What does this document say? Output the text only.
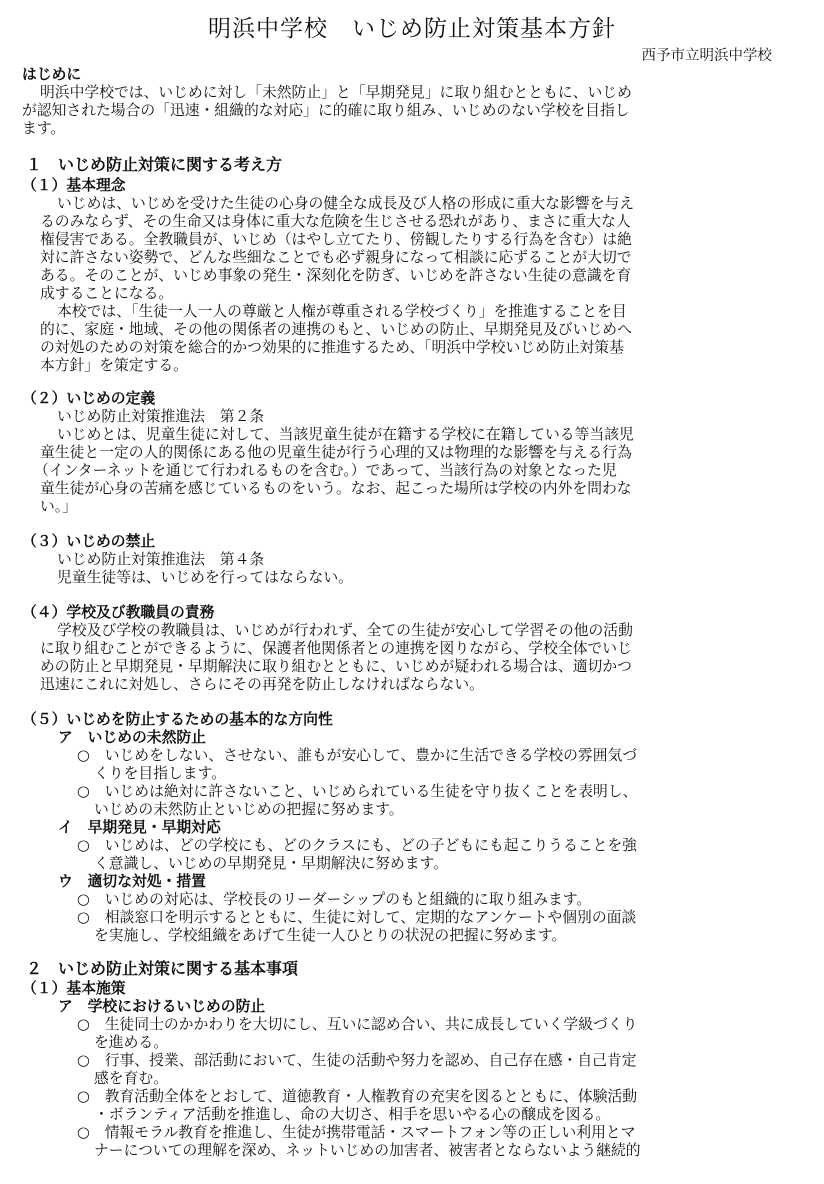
明浜中学校　いじめ防止対策基本方針
西予市立明浜中学校
はじめに
明浜中学校では、いじめに対し「未然防止」と「早期発見」に取り組むとともに、いじめ
が認知された場合の「迅速・組織的な対応」に的確に取り組み、いじめのない学校を目指し
ます。
１　いじめ防止対策に関する考え方
（１）基本理念
いじめは、いじめを受けた生徒の心身の健全な成長及び人格の形成に重大な影響を与え
るのみならず、その生命又は身体に重大な危険を生じさせる恐れがあり、まさに重大な人
権侵害である。全教職員が、いじめ（はやし立てたり、傍観したりする行為を含む）は絶
対に許さない姿勢で、どんな些細なことでも必ず親身になって相談に応ずることが大切で
ある。そのことが、いじめ事象の発生・深刻化を防ぎ、いじめを許さない生徒の意識を育
成することになる。
本校では、「生徒一人一人の尊厳と人権が尊重される学校づくり」を推進することを目
的に、家庭・地域、その他の関係者の連携のもと、いじめの防止、早期発見及びいじめへ
の対処のための対策を総合的かつ効果的に推進するため、「明浜中学校いじめ防止対策基
本方針」を策定する。
（２）いじめの定義
いじめ防止対策推進法　第２条
いじめとは、児童生徒に対して、当該児童生徒が在籍する学校に在籍している等当該児
童生徒と一定の人的関係にある他の児童生徒が行う心理的又は物理的な影響を与える行為
（インターネットを通じて行われるものを含む。）であって、当該行為の対象となった児
童生徒が心身の苦痛を感じているものをいう。なお、起こった場所は学校の内外を問わな
い。」
（３）いじめの禁止
いじめ防止対策推進法　第４条
児童生徒等は、いじめを行ってはならない。
（４）学校及び教職員の責務
学校及び学校の教職員は、いじめが行われず、全ての生徒が安心して学習その他の活動
に取り組むことができるように、保護者他関係者との連携を図りながら、学校全体でいじ
めの防止と早期発見・早期解決に取り組むとともに、いじめが疑われる場合は、適切かつ
迅速にこれに対処し、さらにその再発を防止しなければならない。
（５）いじめを防止するための基本的な方向性
ア　いじめの未然防止
○　いじめをしない、させない、誰もが安心して、豊かに生活できる学校の雰囲気づ
くりを目指します。
○　いじめは絶対に許さないこと、いじめられている生徒を守り抜くことを表明し、
いじめの未然防止といじめの把握に努めます。
イ　早期発見・早期対応
○　いじめは、どの学校にも、どのクラスにも、どの子どもにも起こりうることを強
く意識し、いじめの早期発見・早期解決に努めます。
ウ　適切な対処・措置
○　いじめの対応は、学校長のリーダーシップのもと組織的に取り組みます。
○　相談窓口を明示するとともに、生徒に対して、定期的なアンケートや個別の面談
を実施し、学校組織をあげて生徒一人ひとりの状況の把握に努めます。
２　いじめ防止対策に関する基本事項
（１）基本施策
ア　学校におけるいじめの防止
○　生徒同士のかかわりを大切にし、互いに認め合い、共に成長していく学級づくり
を進める。
○　行事、授業、部活動において、生徒の活動や努力を認め、自己存在感・自己肯定
感を育む。
○　教育活動全体をとおして、道徳教育・人権教育の充実を図るとともに、体験活動
・ボランティア活動を推進し、命の大切さ、相手を思いやる心の醸成を図る。
○　情報モラル教育を推進し、生徒が携帯電話・スマートフォン等の正しい利用とマ
ナーについての理解を深め、ネットいじめの加害者、被害者とならないよう継続的
